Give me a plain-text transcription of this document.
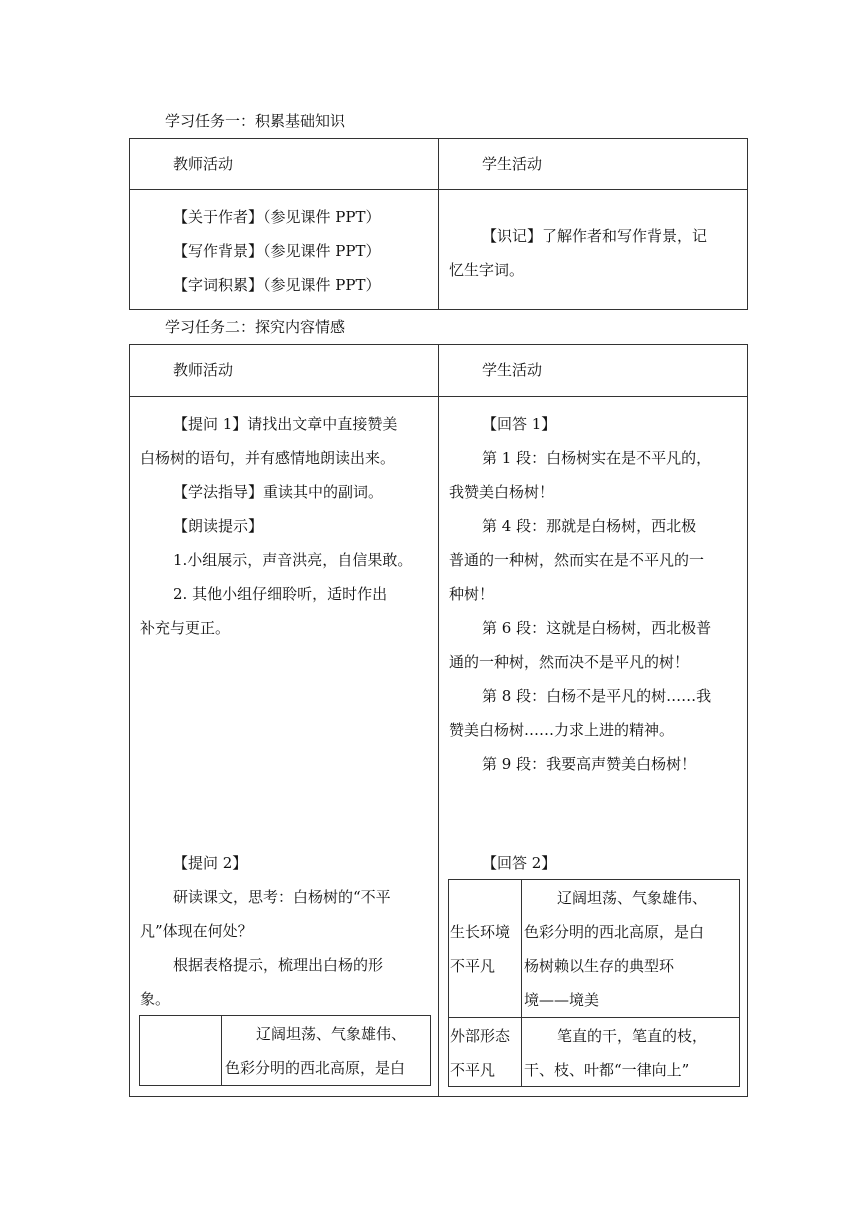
学习任务一：积累基础知识
教师活动	学生活动
【关于作者】（参见课件 PPT）
【写作背景】（参见课件 PPT）
【字词积累】（参见课件 PPT）
【识记】了解作者和写作背景，记
忆生字词。
学习任务二：探究内容情感
教师活动	学生活动
【提问 1】请找出文章中直接赞美
白杨树的语句，并有感情地朗读出来。
【学法指导】重读其中的副词。
【朗读提示】
1.小组展示，声音洪亮，自信果敢。
2. 其他小组仔细聆听，适时作出
补充与更正。
【回答 1】
第 1 段：白杨树实在是不平凡的，
我赞美白杨树！
第 4 段：那就是白杨树，西北极
普通的一种树，然而实在是不平凡的一
种树！
第 6 段：这就是白杨树，西北极普
通的一种树，然而决不是平凡的树！
第 8 段：白杨不是平凡的树……我
赞美白杨树……力求上进的精神。
第 9 段：我要高声赞美白杨树！
【提问 2】
研读课文，思考：白杨树的“不平
凡”体现在何处？
根据表格提示，梳理出白杨的形
象。
辽阔坦荡、气象雄伟、
色彩分明的西北高原，是白
【回答 2】
生长环境
不平凡
辽阔坦荡、气象雄伟、
色彩分明的西北高原，是白
杨树赖以生存的典型环
境——境美
外部形态
不平凡
笔直的干，笔直的枝，
干、枝、叶都“一律向上”
